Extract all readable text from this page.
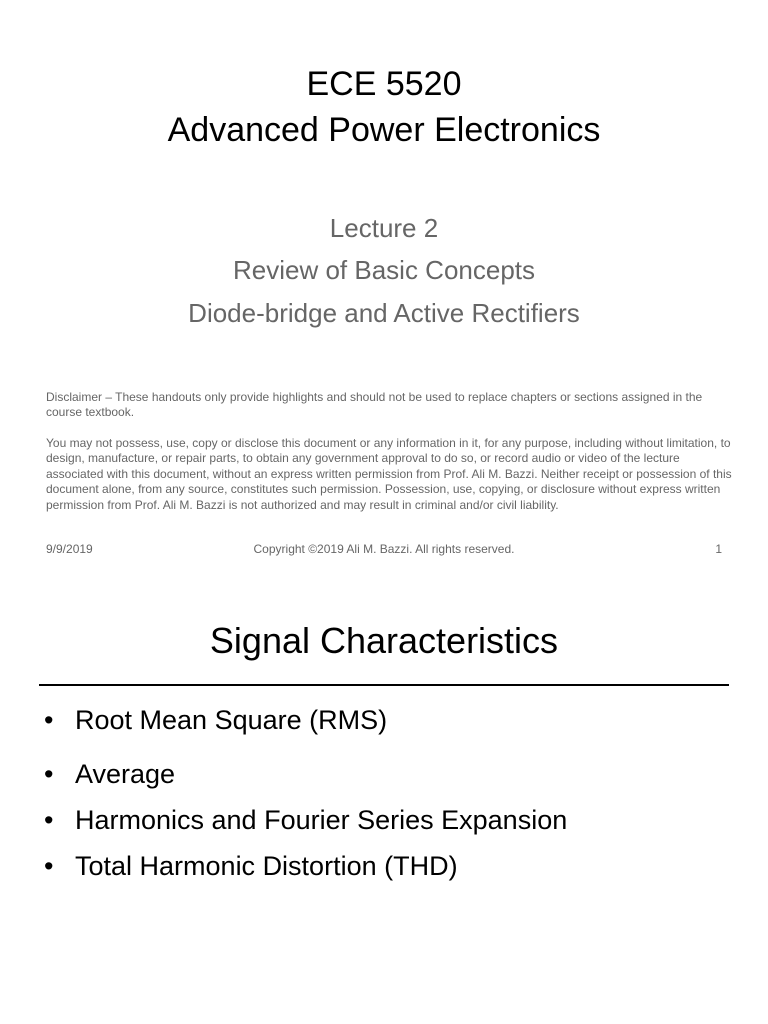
ECE 5520
Advanced Power Electronics
Lecture 2
Review of Basic Concepts
Diode-bridge and Active Rectifiers
Disclaimer – These handouts only provide highlights and should not be used to replace chapters or sections assigned in the course textbook.
You may not possess, use, copy or disclose this document or any information in it, for any purpose, including without limitation, to design, manufacture, or repair parts, to obtain any government approval to do so, or record audio or video of the lecture associated with this document, without an express written permission from Prof. Ali M. Bazzi. Neither receipt or possession of this document alone, from any source, constitutes such permission. Possession, use, copying, or disclosure without express written permission from Prof. Ali M. Bazzi is not authorized and may result in criminal and/or civil liability.
9/9/2019	Copyright ©2019 Ali M. Bazzi. All rights reserved.	1
Signal Characteristics
• Root Mean Square (RMS)
• Average
• Harmonics and Fourier Series Expansion
• Total Harmonic Distortion (THD)
